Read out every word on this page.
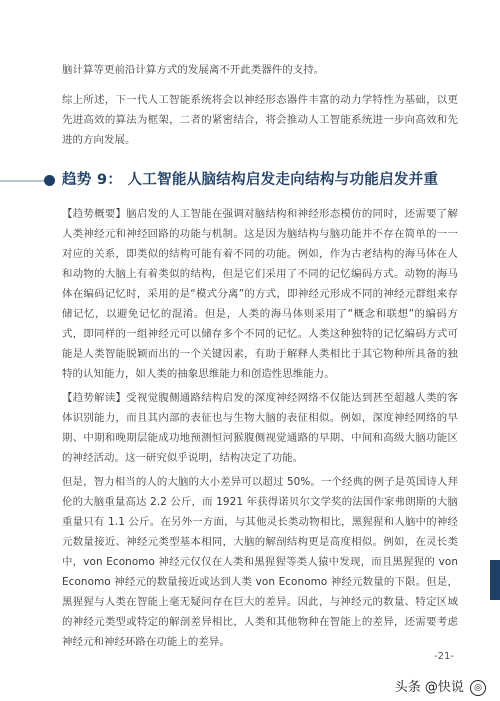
脑计算等更前沿计算方式的发展离不开此类器件的支持。

综上所述，下一代人工智能系统将会以神经形态器件丰富的动力学特性为基础，以更先进高效的算法为框架，二者的紧密结合，将会推动人工智能系统进一步向高效和先进的方向发展。

趋势 9： 人工智能从脑结构启发走向结构与功能启发并重

【趋势概要】脑启发的人工智能在强调对脑结构和神经形态模仿的同时，还需要了解人类神经元和神经回路的功能与机制。这是因为脑结构与脑功能并不存在简单的一一对应的关系，即类似的结构可能有着不同的功能。例如，作为古老结构的海马体在人和动物的大脑上有着类似的结构，但是它们采用了不同的记忆编码方式。动物的海马体在编码记忆时，采用的是“模式分离”的方式，即神经元形成不同的神经元群组来存储记忆，以避免记忆的混淆。但是，人类的海马体则采用了“概念和联想”的编码方式，即同样的一组神经元可以储存多个不同的记忆。人类这种独特的记忆编码方式可能是人类智能脱颖而出的一个关键因素，有助于解释人类相比于其它物种所具备的独特的认知能力，如人类的抽象思维能力和创造性思维能力。

【趋势解读】受视觉腹侧通路结构启发的深度神经网络不仅能达到甚至超越人类的客体识别能力，而且其内部的表征也与生物大脑的表征相似。例如，深度神经网络的早期、中期和晚期层能成功地预测恒河猴腹侧视觉通路的早期、中间和高级大脑功能区的神经活动。这一研究似乎说明，结构决定了功能。

但是，智力相当的人的大脑的大小差异可以超过 50%。一个经典的例子是英国诗人拜伦的大脑重量高达 2.2 公斤，而 1921 年获得诺贝尔文学奖的法国作家弗朗斯的大脑重量只有 1.1 公斤。在另外一方面，与其他灵长类动物相比，黑猩猩和人脑中的神经元数量接近、神经元类型基本相同，大脑的解剖结构更是高度相似。例如，在灵长类中，von Economo 神经元仅仅在人类和黑猩猩等类人猿中发现，而且黑猩猩的 von Economo 神经元的数量接近或达到人类 von Economo 神经元数量的下限。但是，黑猩猩与人类在智能上毫无疑问存在巨大的差异。因此，与神经元的数量、特定区域的神经元类型或特定的解剖差异相比，人类和其他物种在智能上的差异，还需要考虑神经元和神经环路在功能上的差异。

-21-
头条 @快说 ◎
